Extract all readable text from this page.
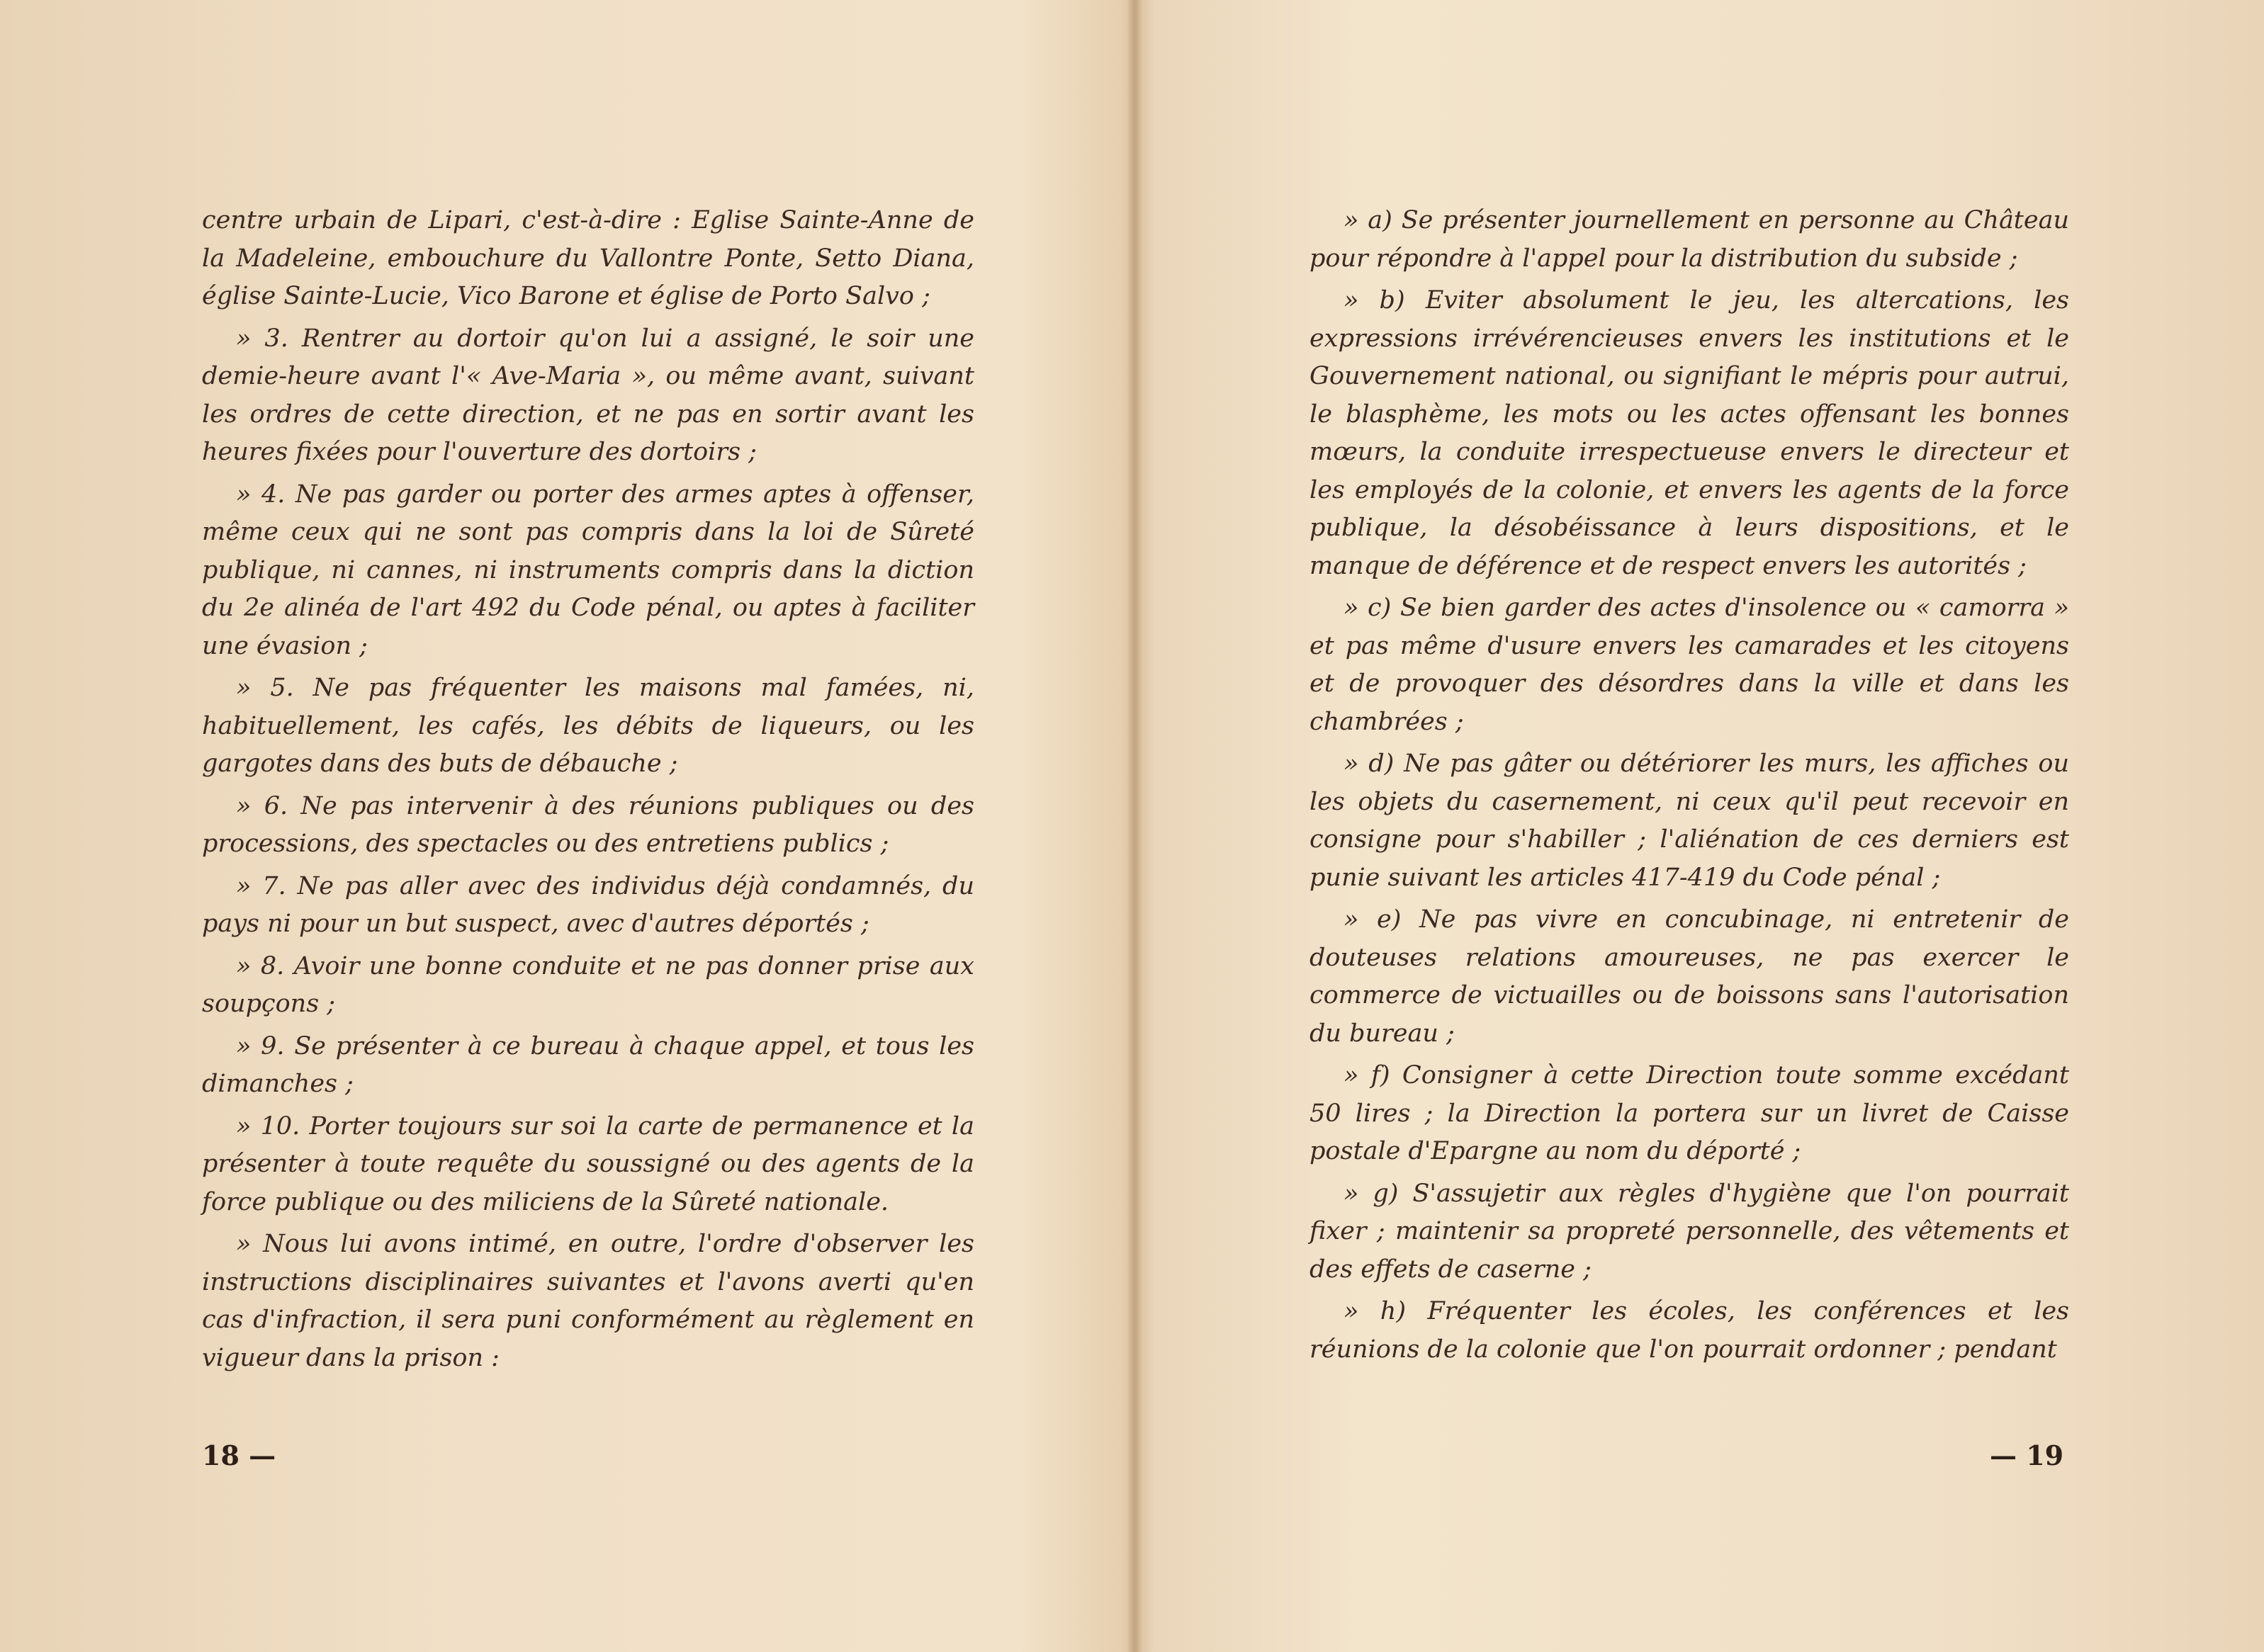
centre urbain de Lipari, c'est-à-dire : Eglise Sainte-Anne de la Madeleine, embouchure du Vallontre Ponte, Setto Diana, église Sainte-Lucie, Vico Barone et église de Porto Salvo ;

» 3. Rentrer au dortoir qu'on lui a assigné, le soir une demie-heure avant l'« Ave-Maria », ou même avant, suivant les ordres de cette direction, et ne pas en sortir avant les heures fixées pour l'ouverture des dortoirs ;

» 4. Ne pas garder ou porter des armes aptes à offenser, même ceux qui ne sont pas compris dans la loi de Sûreté publique, ni cannes, ni instruments compris dans la diction du 2e alinéa de l'art 492 du Code pénal, ou aptes à faciliter une évasion ;

» 5. Ne pas fréquenter les maisons mal famées, ni, habituellement, les cafés, les débits de liqueurs, ou les gargotes dans des buts de débauche ;

» 6. Ne pas intervenir à des réunions publiques ou des processions, des spectacles ou des entretiens publics ;

» 7. Ne pas aller avec des individus déjà condamnés, du pays ni pour un but suspect, avec d'autres déportés ;

» 8. Avoir une bonne conduite et ne pas donner prise aux soupçons ;

» 9. Se présenter à ce bureau à chaque appel, et tous les dimanches ;

» 10. Porter toujours sur soi la carte de permanence et la présenter à toute requête du soussigné ou des agents de la force publique ou des miliciens de la Sûreté nationale.

» Nous lui avons intimé, en outre, l'ordre d'observer les instructions disciplinaires suivantes et l'avons averti qu'en cas d'infraction, il sera puni conformément au règlement en vigueur dans la prison :

18 —

» a) Se présenter journellement en personne au Château pour répondre à l'appel pour la distribution du subside ;

» b) Eviter absolument le jeu, les altercations, les expressions irrévérencieuses envers les institutions et le Gouvernement national, ou signifiant le mépris pour autrui, le blasphème, les mots ou les actes offensant les bonnes mœurs, la conduite irrespectueuse envers le directeur et les employés de la colonie, et envers les agents de la force publique, la désobéissance à leurs dispositions, et le manque de déférence et de respect envers les autorités ;

» c) Se bien garder des actes d'insolence ou « camorra » et pas même d'usure envers les camarades et les citoyens et de provoquer des désordres dans la ville et dans les chambrées ;

» d) Ne pas gâter ou détériorer les murs, les affiches ou les objets du casernement, ni ceux qu'il peut recevoir en consigne pour s'habiller ; l'aliénation de ces derniers est punie suivant les articles 417-419 du Code pénal ;

» e) Ne pas vivre en concubinage, ni entretenir de douteuses relations amoureuses, ne pas exercer le commerce de victuailles ou de boissons sans l'autorisation du bureau ;

» f) Consigner à cette Direction toute somme excédant 50 lires ; la Direction la portera sur un livret de Caisse postale d'Epargne au nom du déporté ;

» g) S'assujetir aux règles d'hygiène que l'on pourrait fixer ; maintenir sa propreté personnelle, des vêtements et des effets de caserne ;

» h) Fréquenter les écoles, les conférences et les réunions de la colonie que l'on pourrait ordonner ; pendant

— 19
